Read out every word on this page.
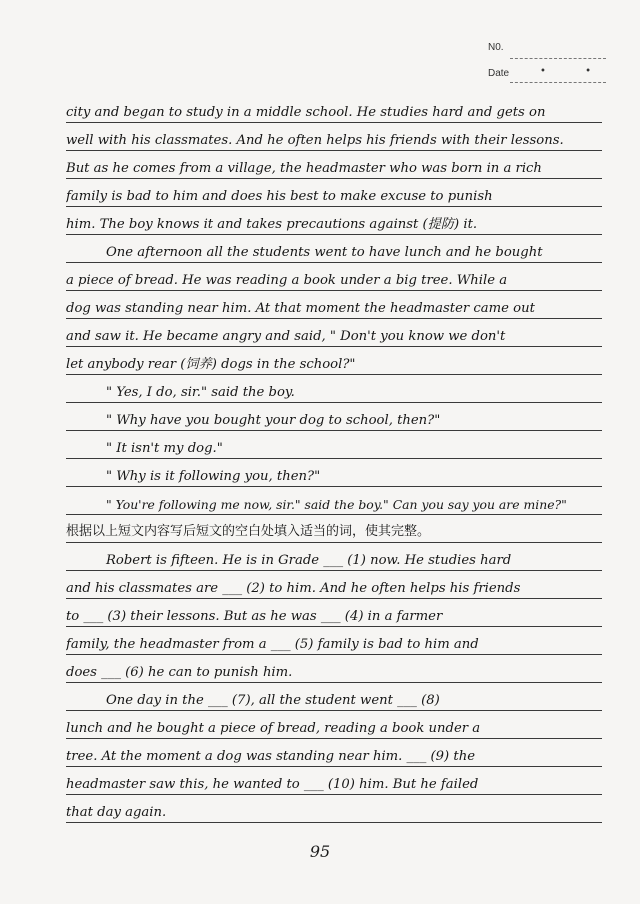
N0.
Date	• •
city and began to study in a middle school. He studies hard and gets on
well with his classmates. And he often helps his friends with their lessons.
But as he comes from a village, the headmaster who was born in a rich
family is bad to him and does his best to make excuse to punish
him. The boy knows it and takes precautions against (提防) it.
One afternoon all the students went to have lunch and he bought
a piece of bread. He was reading a book under a big tree. While a
dog was standing near him. At that moment the headmaster came out
and saw it. He became angry and said, " Don't you know we don't
let anybody rear (饲养) dogs in the school?"
" Yes, I do, sir." said the boy.
" Why have you bought your dog to school, then?"
" It isn't my dog."
" Why is it following you, then?"
" You're following me now, sir." said the boy." Can you say you are mine?"
根据以上短文内容写后短文的空白处填入适当的词，使其完整。
Robert is fifteen. He is in Grade ___ (1) now. He studies hard
and his classmates are ___ (2) to him. And he often helps his friends
to ___ (3) their lessons. But as he was ___ (4) in a farmer
family, the headmaster from a ___ (5) family is bad to him and
does ___ (6) he can to punish him.
One day in the ___ (7), all the student went ___ (8)
lunch and he bought a piece of bread, reading a book under a
tree. At the moment a dog was standing near him. ___ (9) the
headmaster saw this, he wanted to ___ (10) him. But he failed
that day again.
95
